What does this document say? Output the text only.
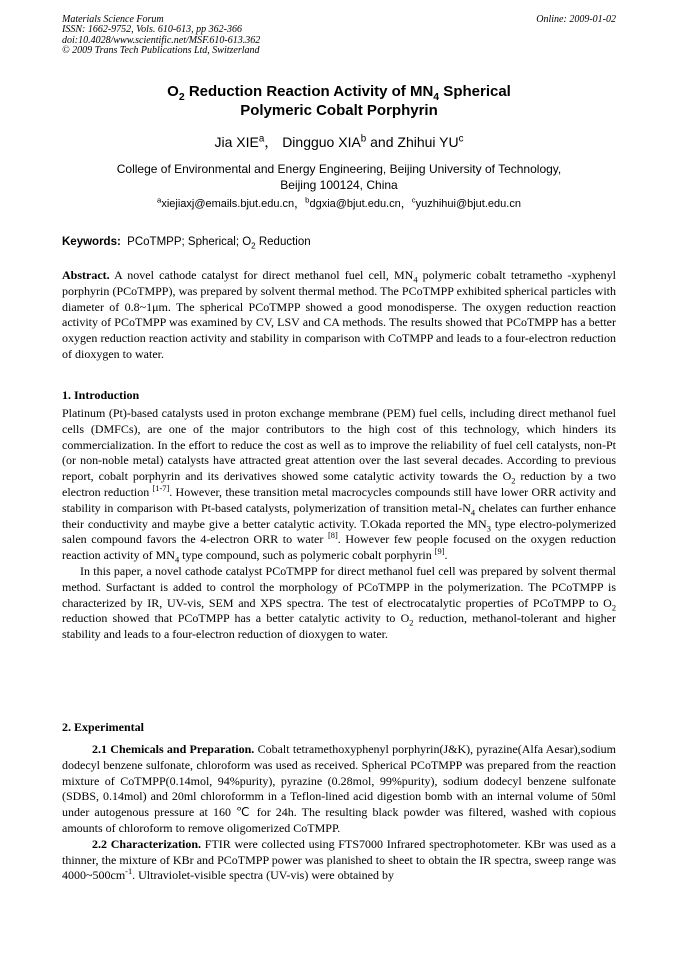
Materials Science Forum
ISSN: 1662-9752, Vols. 610-613, pp 362-366
doi:10.4028/www.scientific.net/MSF.610-613.362
© 2009 Trans Tech Publications Ltd, Switzerland
Online: 2009-01-02
$O_2$ Reduction Reaction Activity of $MN_4$ Spherical
Polymeric Cobalt Porphyrin
Jia XIE$^a$， Dingguo XIA$^b$ and Zhihui $YU^c$
College of Environmental and Energy Engineering, Beijing University of Technology,
Beijing 100124, China
$^a$xiejiaxj@emails.bjut.edu.cn，$^b$dgxia@bjut.edu.cn，$^c$yuzhihui@bjut.edu.cn
Keywords:  PCoTMPP; Spherical; $O_2$ Reduction

Abstract. A novel cathode catalyst for direct methanol fuel cell, $MN_4$ polymeric cobalt tetrametho -xyphenyl porphyrin (PCoTMPP), was prepared by solvent thermal method. The PCoTMPP exhibited spherical particles with diameter of 0.8~1μm. The spherical PCoTMPP showed a good monodisperse. The oxygen reduction reaction activity of PCoTMPP was examined by CV, LSV and CA methods. The results showed that PCoTMPP has a better oxygen reduction reaction activity and stability in comparison with CoTMPP and leads to a four-electron reduction of dioxygen to water.

1. Introduction

Platinum (Pt)-based catalysts used in proton exchange membrane (PEM) fuel cells, including direct methanol fuel cells (DMFCs), are one of the major contributors to the high cost of this technology, which hinders its commercialization. In the effort to reduce the cost as well as to improve the reliability of fuel cell catalysts, non-Pt (or non-noble metal) catalysts have attracted great attention over the last several decades. According to previous report, cobalt porphyrin and its derivatives showed some catalytic activity towards the $O_2$ reduction by a two electron reduction [1-7]. However, these transition metal macrocycles compounds still have lower ORR activity and stability in comparison with Pt-based catalysts, polymerization of transition metal-$N_4$ chelates can further enhance their conductivity and maybe give a better catalytic activity. T.Okada reported the $MN_3$ type electro-polymerized salen compound favors the 4-electron ORR to water [8]. However few people focused on the oxygen reduction reaction activity of $MN_4$ type compound, such as polymeric cobalt porphyrin [9].

In this paper, a novel cathode catalyst PCoTMPP for direct methanol fuel cell was prepared by solvent thermal method. Surfactant is added to control the morphology of PCoTMPP in the polymerization. The PCoTMPP is characterized by IR, UV-vis, SEM and XPS spectra. The test of electrocatalytic properties of PCoTMPP to $O_2$ reduction showed that PCoTMPP has a better catalytic activity to $O_2$ reduction, methanol-tolerant and higher stability and leads to a four-electron reduction of dioxygen to water.

2. Experimental

2.1 Chemicals and Preparation. Cobalt tetramethoxyphenyl porphyrin(J&K), pyrazine(Alfa Aesar),sodium dodecyl benzene sulfonate, chloroform was used as received. Spherical PCoTMPP was prepared from the reaction mixture of CoTMPP(0.14mol, 94%purity), pyrazine (0.28mol, 99%purity), sodium dodecyl benzene sulfonate (SDBS, 0.14mol) and 20ml chloroformm in a Teflon-lined acid digestion bomb with an internal volume of 50ml under autogenous pressure at 160 ℃ for 24h. The resulting black powder was filtered, washed with copious amounts of chloroform to remove oligomerized CoTMPP.

2.2 Characterization. FTIR were collected using FTS7000 Infrared spectrophotometer. KBr was used as a thinner, the mixture of KBr and PCoTMPP power was planished to sheet to obtain the IR spectra, sweep range was $4000\sim 500cm^{-1}$. Ultraviolet-visible spectra (UV-vis) were obtained by
